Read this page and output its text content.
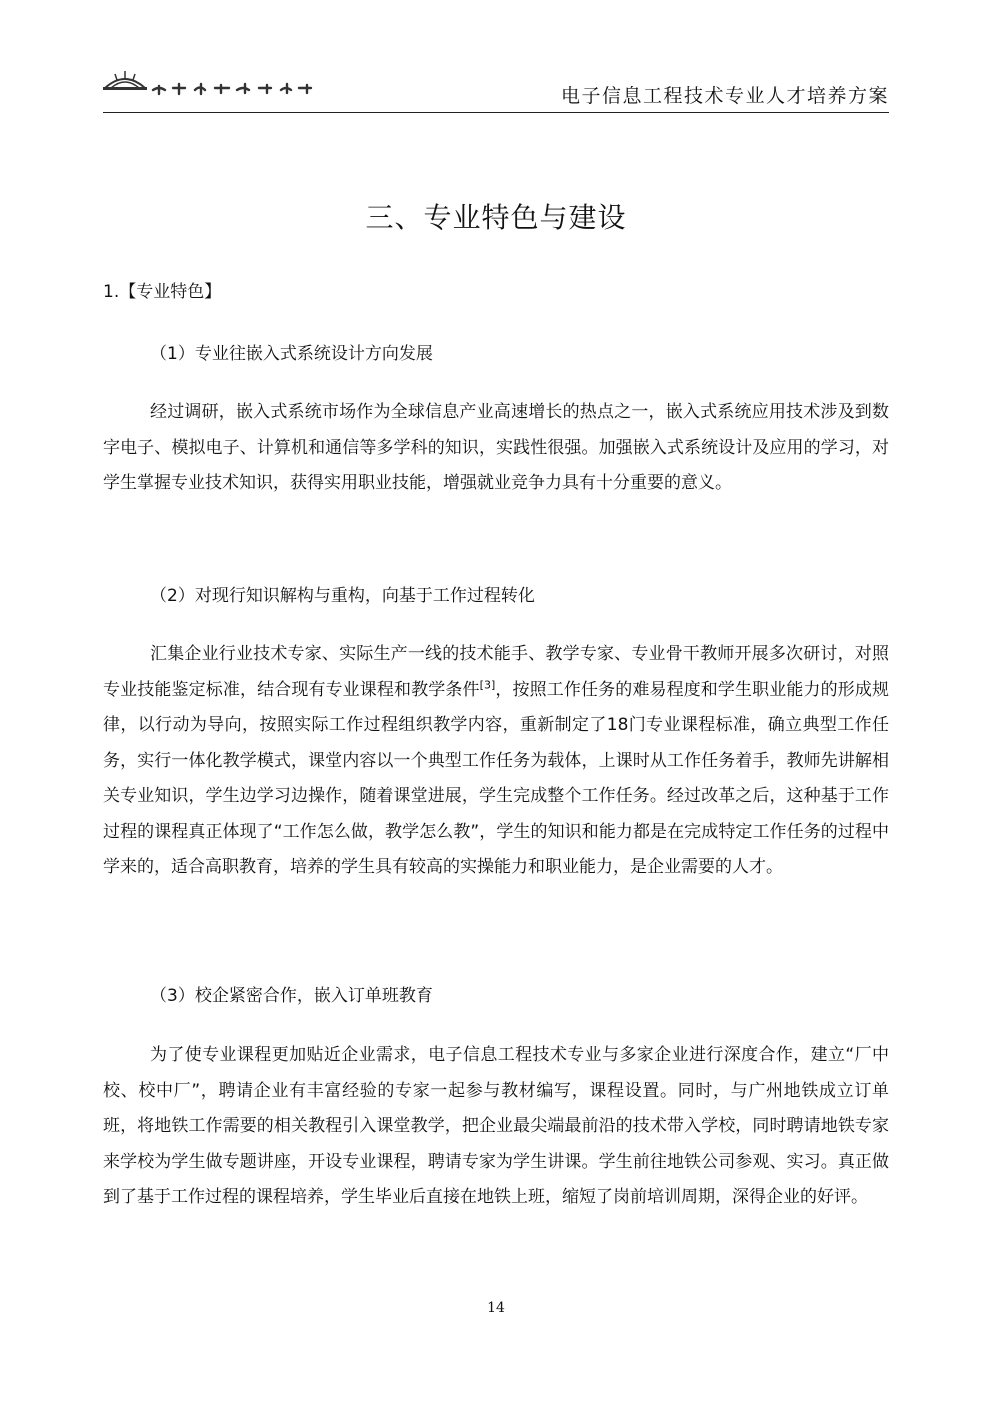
电子信息工程技术专业人才培养方案
三、专业特色与建设
1.【专业特色】
（1）专业往嵌入式系统设计方向发展

经过调研，嵌入式系统市场作为全球信息产业高速增长的热点之一，嵌入式系统应用技术涉及到数字电子、模拟电子、计算机和通信等多学科的知识，实践性很强。加强嵌入式系统设计及应用的学习，对学生掌握专业技术知识，获得实用职业技能，增强就业竞争力具有十分重要的意义。

（2）对现行知识解构与重构，向基于工作过程转化

汇集企业行业技术专家、实际生产一线的技术能手、教学专家、专业骨干教师开展多次研讨，对照专业技能鉴定标准，结合现有专业课程和教学条件[3]，按照工作任务的难易程度和学生职业能力的形成规律，以行动为导向，按照实际工作过程组织教学内容，重新制定了18门专业课程标准，确立典型工作任务，实行一体化教学模式，课堂内容以一个典型工作任务为载体，上课时从工作任务着手，教师先讲解相关专业知识，学生边学习边操作，随着课堂进展，学生完成整个工作任务。经过改革之后，这种基于工作过程的课程真正体现了“工作怎么做，教学怎么教”，学生的知识和能力都是在完成特定工作任务的过程中学来的，适合高职教育，培养的学生具有较高的实操能力和职业能力，是企业需要的人才。

（3）校企紧密合作，嵌入订单班教育

为了使专业课程更加贴近企业需求，电子信息工程技术专业与多家企业进行深度合作，建立“厂中校、校中厂”，聘请企业有丰富经验的专家一起参与教材编写，课程设置。同时，与广州地铁成立订单班，将地铁工作需要的相关教程引入课堂教学，把企业最尖端最前沿的技术带入学校，同时聘请地铁专家来学校为学生做专题讲座，开设专业课程，聘请专家为学生讲课。学生前往地铁公司参观、实习。真正做到了基于工作过程的课程培养，学生毕业后直接在地铁上班，缩短了岗前培训周期，深得企业的好评。

14
